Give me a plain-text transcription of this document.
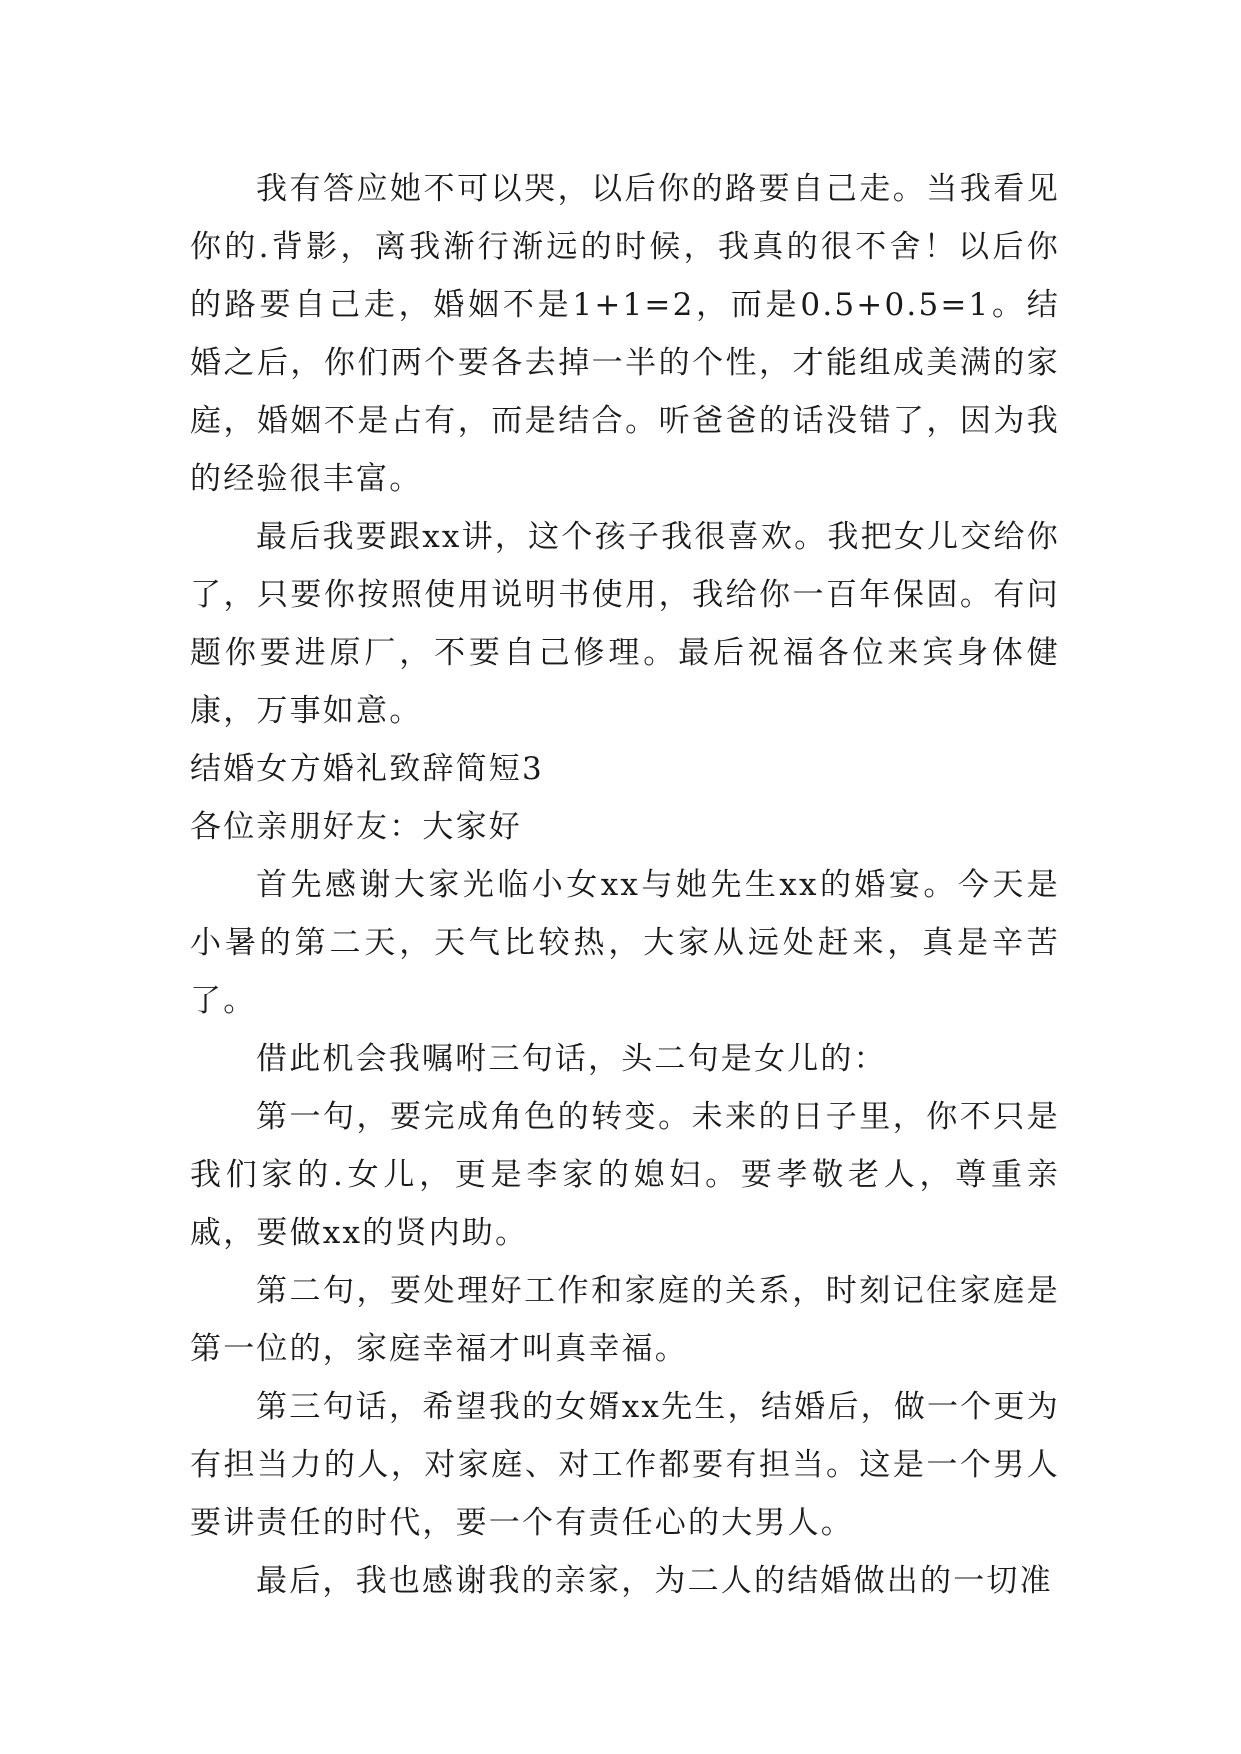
我有答应她不可以哭，以后你的路要自己走。当我看见你的.背影，离我渐行渐远的时候，我真的很不舍！以后你的路要自己走，婚姻不是1+1=2，而是0.5+0.5=1。结婚之后，你们两个要各去掉一半的个性，才能组成美满的家庭，婚姻不是占有，而是结合。听爸爸的话没错了，因为我的经验很丰富。

最后我要跟xx讲，这个孩子我很喜欢。我把女儿交给你了，只要你按照使用说明书使用，我给你一百年保固。有问题你要进原厂，不要自己修理。最后祝福各位来宾身体健康，万事如意。

结婚女方婚礼致辞简短3

各位亲朋好友：大家好

首先感谢大家光临小女xx与她先生xx的婚宴。今天是小暑的第二天，天气比较热，大家从远处赶来，真是辛苦了。

借此机会我嘱咐三句话，头二句是女儿的：

第一句，要完成角色的转变。未来的日子里，你不只是我们家的.女儿，更是李家的媳妇。要孝敬老人，尊重亲戚，要做xx的贤内助。

第二句，要处理好工作和家庭的关系，时刻记住家庭是第一位的，家庭幸福才叫真幸福。

第三句话，希望我的女婿xx先生，结婚后，做一个更为有担当力的人，对家庭、对工作都要有担当。这是一个男人要讲责任的时代，要一个有责任心的大男人。

最后，我也感谢我的亲家，为二人的结婚做出的一切准
